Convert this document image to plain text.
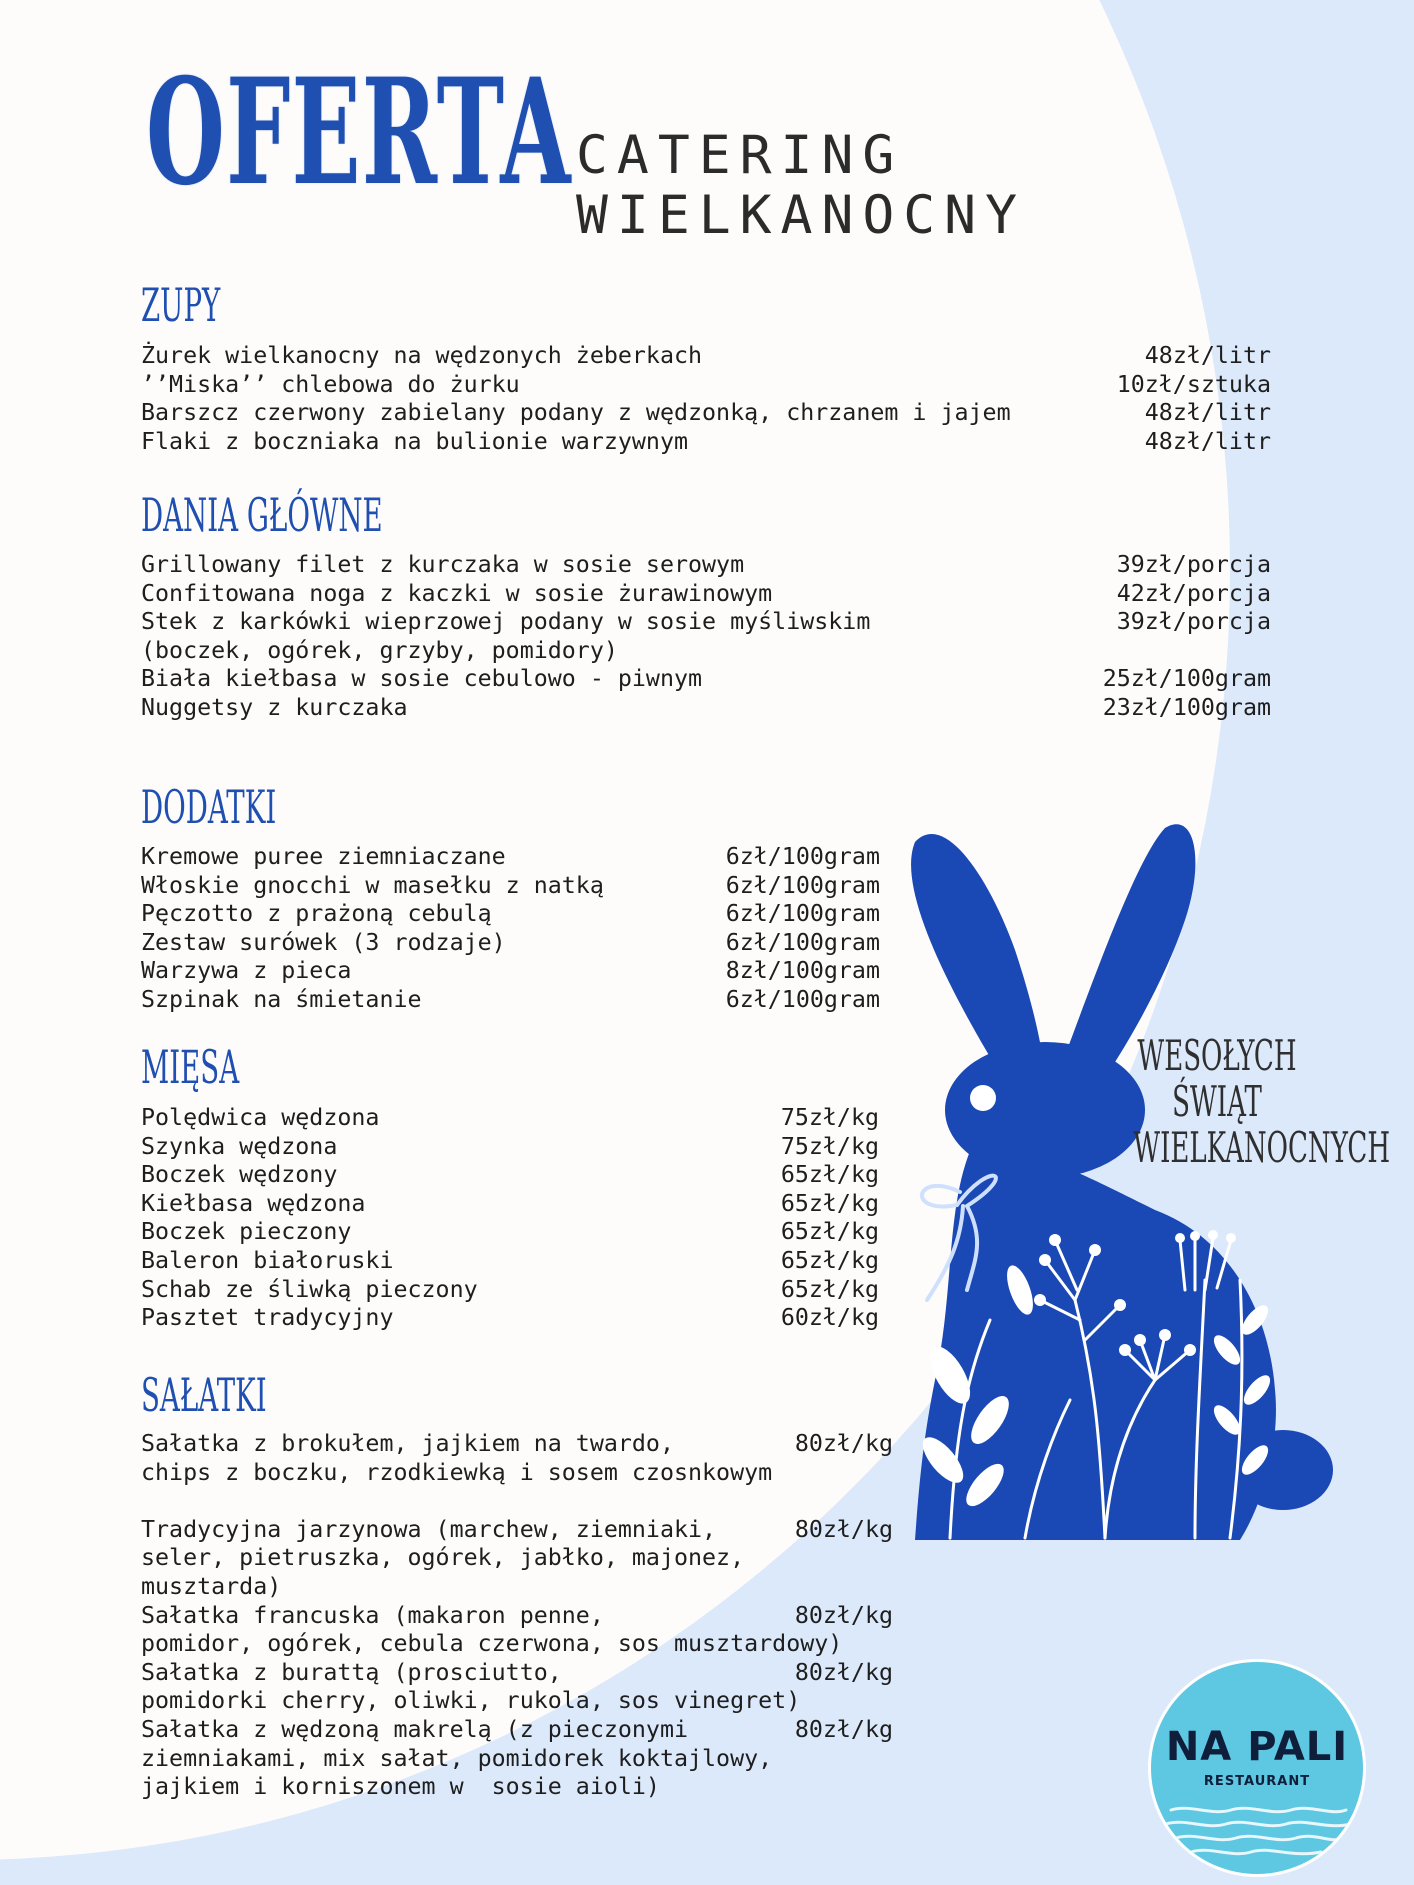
OFERTA CATERING
WIELKANOCNY
ZUPY
Żurek wielkanocny na wędzonych żeberkach	48zł/litr
’’Miska’’ chlebowa do żurku	10zł/sztuka
Barszcz czerwony zabielany podany z wędzonką, chrzanem i jajem	48zł/litr
Flaki z boczniaka na bulionie warzywnym	48zł/litr
DANIA GŁÓWNE
Grillowany filet z kurczaka w sosie serowym	39zł/porcja
Confitowana noga z kaczki w sosie żurawinowym	42zł/porcja
Stek z karkówki wieprzowej podany w sosie myśliwskim	39zł/porcja
(boczek, ogórek, grzyby, pomidory)
Biała kiełbasa w sosie cebulowo - piwnym	25zł/100gram
Nuggetsy z kurczaka	23zł/100gram
DODATKI
Kremowe puree ziemniaczane	6zł/100gram
Włoskie gnocchi w masełku z natką	6zł/100gram
Pęczotto z prażoną cebulą	6zł/100gram
Zestaw surówek (3 rodzaje)	6zł/100gram
Warzywa z pieca	8zł/100gram
Szpinak na śmietanie	6zł/100gram
MIĘSA
Polędwica wędzona	75zł/kg
Szynka wędzona	75zł/kg
Boczek wędzony	65zł/kg
Kiełbasa wędzona	65zł/kg
Boczek pieczony	65zł/kg
Baleron białoruski	65zł/kg
Schab ze śliwką pieczony	65zł/kg
Pasztet tradycyjny	60zł/kg
SAŁATKI
Sałatka z brokułem, jajkiem na twardo,	80zł/kg
chips z boczku, rzodkiewką i sosem czosnkowym
Tradycyjna jarzynowa (marchew, ziemniaki,	80zł/kg
seler, pietruszka, ogórek, jabłko, majonez,
musztarda)
Sałatka francuska (makaron penne,	80zł/kg
pomidor, ogórek, cebula czerwona, sos musztardowy)
Sałatka z burattą (prosciutto,	80zł/kg
pomidorki cherry, oliwki, rukola, sos vinegret)
Sałatka z wędzoną makrelą (z pieczonymi	80zł/kg
ziemniakami, mix sałat, pomidorek koktajlowy,
jajkiem i korniszonem w  sosie aioli)
WESOŁYCH ŚWIĄT
WIELKANOCNYCH
NA PALI
RESTAURANT
